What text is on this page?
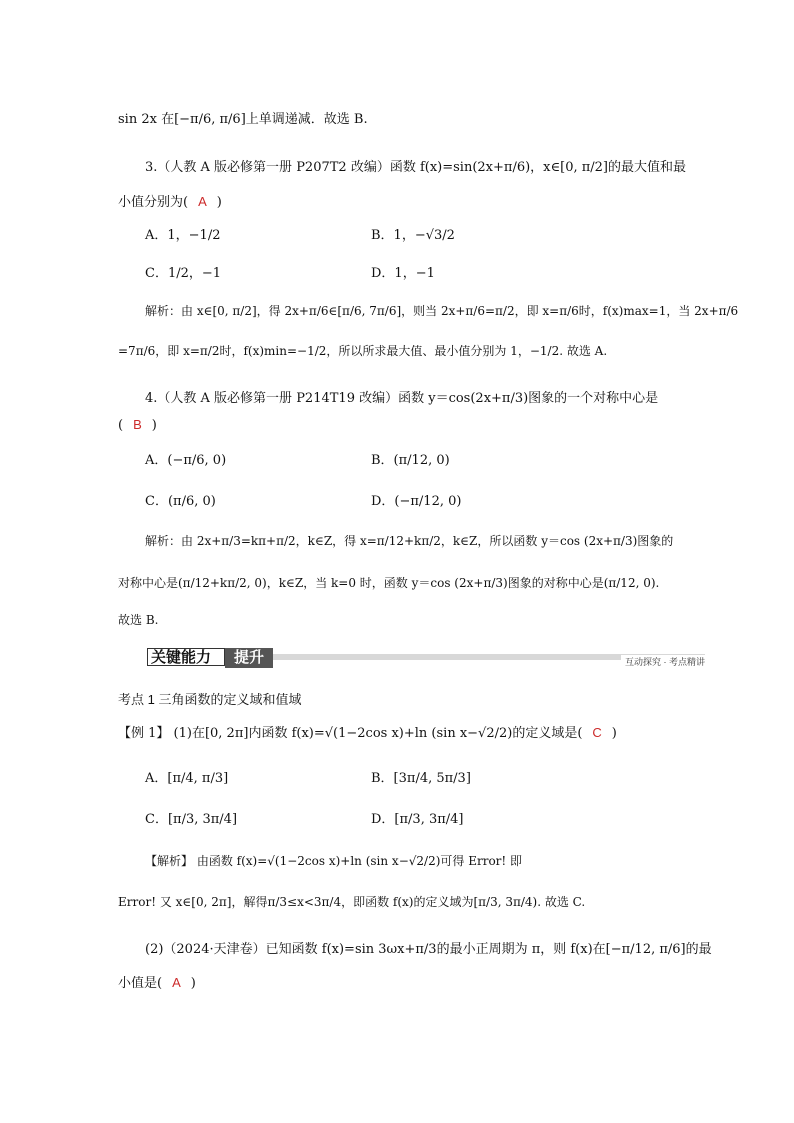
sin 2x 在[−π/6, π/6]上单调递减．故选 B.
3.（人教 A 版必修第一册 P207T2 改编）函数 f(x)=sin(2x+π/6)，x∈[0, π/2]的最大值和最
小值分别为( A )
A．1，−1/2	B．1，−√3/2
C．1/2，−1	D．1，−1
解析：由 x∈[0, π/2]，得 2x+π/6∈[π/6, 7π/6]，则当 2x+π/6=π/2，即 x=π/6时，f(x)max=1，当 2x+π/6
=7π/6，即 x=π/2时，f(x)min=−1/2，所以所求最大值、最小值分别为 1，−1/2. 故选 A.
4.（人教 A 版必修第一册 P214T19 改编）函数 y＝cos(2x+π/3)图象的一个对称中心是
( B )
A．(−π/6, 0)	B．(π/12, 0)
C．(π/6, 0)	D．(−π/12, 0)
解析：由 2x+π/3=kπ+π/2，k∈Z，得 x=π/12+kπ/2，k∈Z，所以函数 y＝cos (2x+π/3)图象的
对称中心是(π/12+kπ/2, 0)，k∈Z，当 k=0 时，函数 y＝cos (2x+π/3)图象的对称中心是(π/12, 0).
故选 B.
【例 1】 (1)在[0, 2π]内函数 f(x)=√(1−2cos x)+ln (sin x−√2/2)的定义域是( C )
A．[π/4, π/3]	B．[3π/4, 5π/3]
C．[π/3, 3π/4]	D．[π/3, 3π/4]
【解析】 由函数 f(x)=√(1−2cos x)+ln (sin x−√2/2)可得 Error! 即
Error! 又 x∈[0, 2π]，解得π/3≤x<3π/4，即函数 f(x)的定义域为[π/3, 3π/4). 故选 C.
(2)（2024·天津卷）已知函数 f(x)=sin 3ωx+π/3的最小正周期为 π，则 f(x)在[−π/12, π/6]的最
小值是( A )
关键能力	提升	互动探究 · 考点精讲
考点 1 三角函数的定义域和值域
